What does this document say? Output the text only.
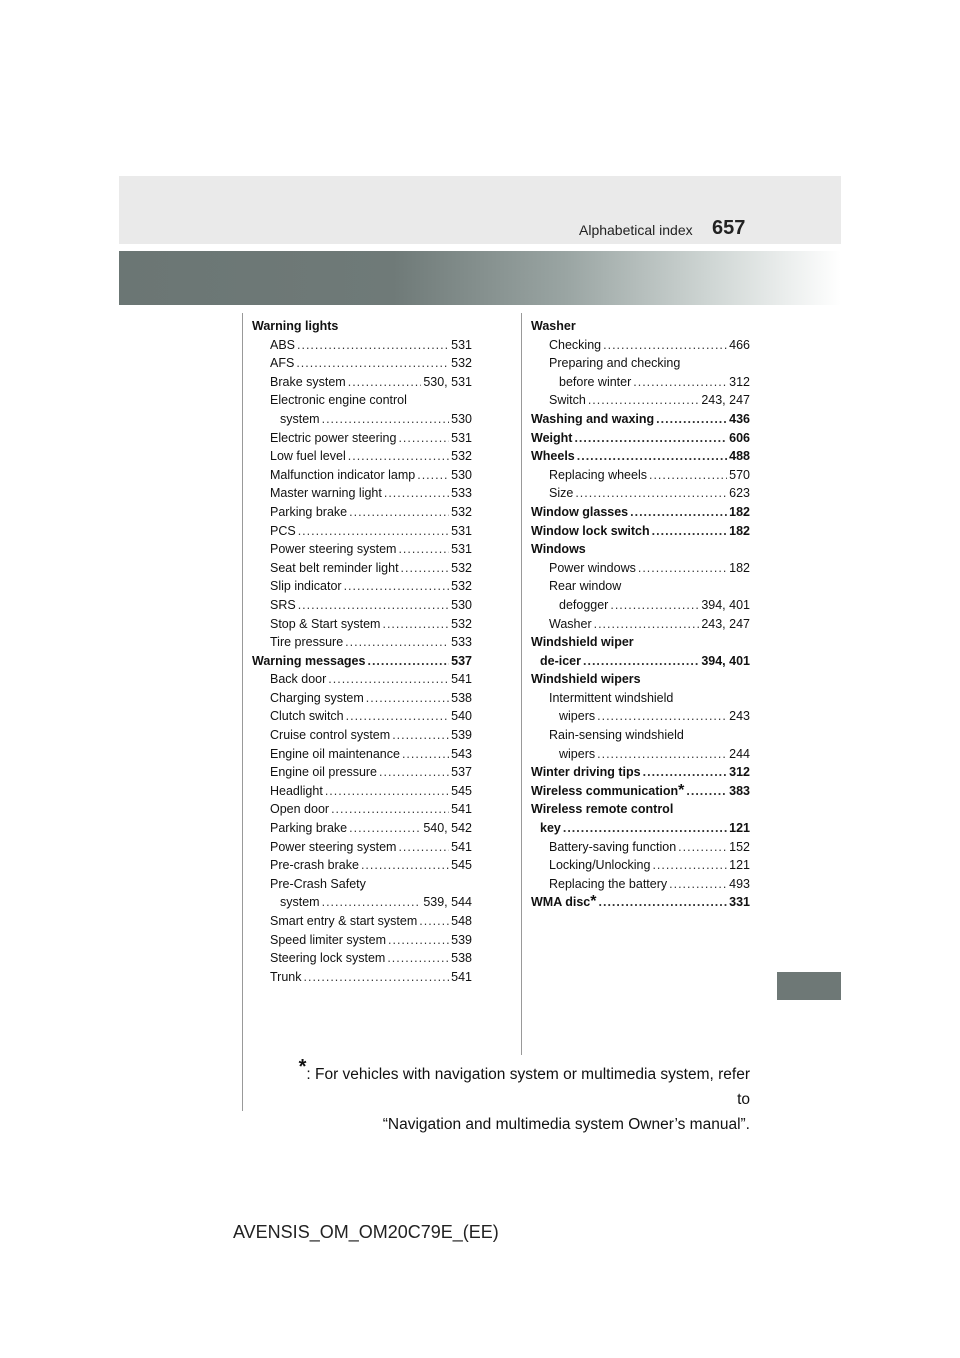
Alphabetical index 657
Warning lights
ABS .....	531
AFS .....	532
Brake system .....	530, 531
Electronic engine control
system .....	530
Electric power steering .....	531
Low fuel level .....	532
Malfunction indicator lamp .....	530
Master warning light .....	533
Parking brake .....	532
PCS .....	531
Power steering system .....	531
Seat belt reminder light .....	532
Slip indicator .....	532
SRS .....	530
Stop & Start system .....	532
Tire pressure .....	533
Warning messages .....	537
Back door .....	541
Charging system .....	538
Clutch switch .....	540
Cruise control system .....	539
Engine oil maintenance .....	543
Engine oil pressure .....	537
Headlight .....	545
Open door .....	541
Parking brake .....	540, 542
Power steering system .....	541
Pre-crash brake .....	545
Pre-Crash Safety
system .....	539, 544
Smart entry & start system .....	548
Speed limiter system .....	539
Steering lock system .....	538
Trunk .....	541
Washer
Checking .....	466
Preparing and checking
before winter .....	312
Switch .....	243, 247
Washing and waxing .....	436
Weight .....	606
Wheels .....	488
Replacing wheels .....	570
Size .....	623
Window glasses .....	182
Window lock switch .....	182
Windows
Power windows .....	182
Rear window
defogger .....	394, 401
Washer .....	243, 247
Windshield wiper
de-icer .....	394, 401
Windshield wipers
Intermittent windshield
wipers .....	243
Rain-sensing windshield
wipers .....	244
Winter driving tips .....	312
Wireless communication * .....	383
Wireless remote control
key .....	121
Battery-saving function .....	152
Locking/Unlocking .....	121
Replacing the battery .....	493
WMA disc * .....	331
*: For vehicles with navigation system or multimedia system, refer to
“Navigation and multimedia system Owner’s manual”.
AVENSIS_OM_OM20C79E_(EE)
